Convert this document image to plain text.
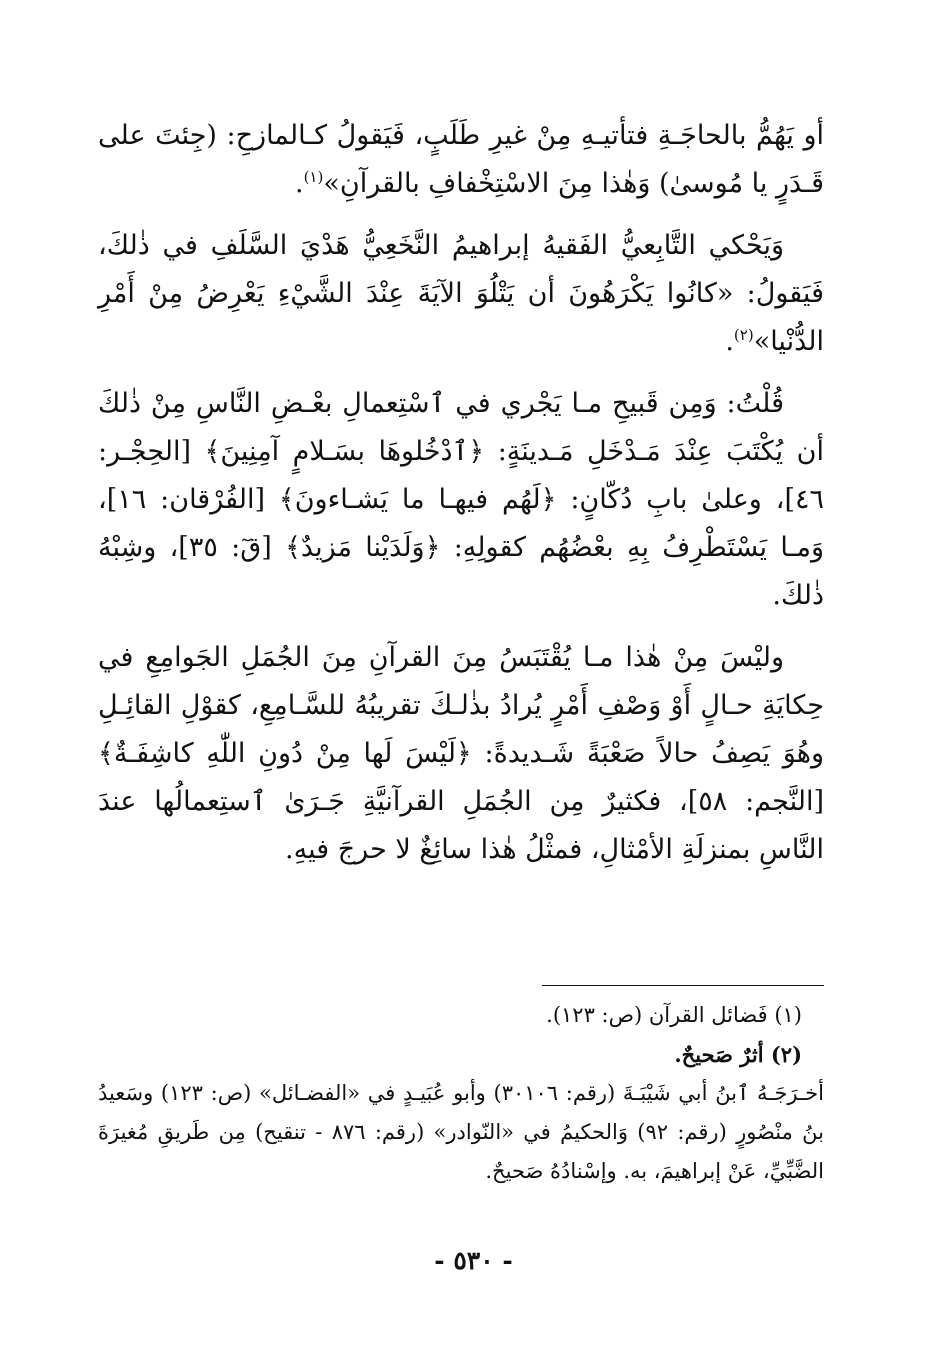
أو يَهُمُّ بالحاجَـةِ فتأتيـهِ مِنْ غيرِ طَلَبٍ، فَيَقولُ كـالمازحِ: (جِئتَ على قَـدَرٍ يا مُوسىٰ) وَهٰذا مِنَ الاسْتِخْفافِ بالقرآنِ»$^{(١)}$.

وَيَحْكي التَّابِعيُّ الفَقيهُ إبراهيمُ النَّخَعِيُّ هَدْيَ السَّلَفِ في ذٰلكَ، فَيَقولُ: «كانُوا يَكْرَهُونَ أن يَتْلُوَ الآيَةَ عِنْدَ الشَّيْءِ يَعْرِضُ مِنْ أَمْرِ الدُّنْيا»$^{(٢)}$.

قُلْتُ: وَمِن قَبيحِ مـا يَجْري في ٱسْتِعمالِ بعْـضِ النَّاسِ مِنْ ذٰلكَ أن يُكْتَبَ عِنْدَ مَـدْخَلِ مَـدينَةٍ: ﴿ٱدْخُلوهَا بسَـلامٍ آمِنِينَ﴾ [الحِجْـر: ٤٦]، وعلىٰ بابِ دُكّانٍ: ﴿لَهُم فيهـا ما يَشـاءونَ﴾ [الفُرْقان: ١٦]، وَمـا يَسْتَطْرِفُ بِهِ بعْضُهُم كقولِهِ: ﴿وَلَدَيْنا مَزيدٌ﴾ [قٓ: ٣٥]، وشِبْهُ ذٰلكَ.

وليْسَ مِنْ هٰذا مـا يُقْتَبَسُ مِنَ القرآنِ مِنَ الجُمَلِ الجَوامِعِ في حِكايَةِ حـالٍ أَوْ وَصْفِ أَمْرٍ يُرادُ بذٰلـكَ تقريبُهُ للسَّـامِعِ، كقوْلِ القائِـلِ وهُوَ يَصِفُ حالاً صَعْبَةً شَـديدةً: ﴿لَيْسَ لَها مِنْ دُونِ اللّٰهِ كاشِفَـةٌ﴾ [النَّجم: ٥٨]، فكثيرٌ مِن الجُمَلِ القرآنيَّةِ جَـرَىٰ ٱستِعمالُها عندَ النَّاسِ بمنزلَةِ الأمْثالِ، فمثْلُ هٰذا سائِغٌ لا حرجَ فيهِ.

(١) فَضائل القرآن (ص: ١٢٣).

(٢) أثرٌ صَحيحٌ.

أخـرَجَـهُ ٱبنُ أبي شَيْبَـةَ (رقم: ٣٠١٠٦) وأبو عُبَيـدٍ في «الفضـائل» (ص: ١٢٣) وسَعيدُ بنُ منْصُورٍ (رقم: ٩٢) وَالحكيمُ في «النّوادر» (رقم: ٨٧٦ - تنقيح) مِن طَريقِ مُغيرَةَ الضَّبِّيِّ، عَنْ إبراهيمَ، به. وإسْنادُهُ صَحيحٌ.

- ٥٣٠ -
